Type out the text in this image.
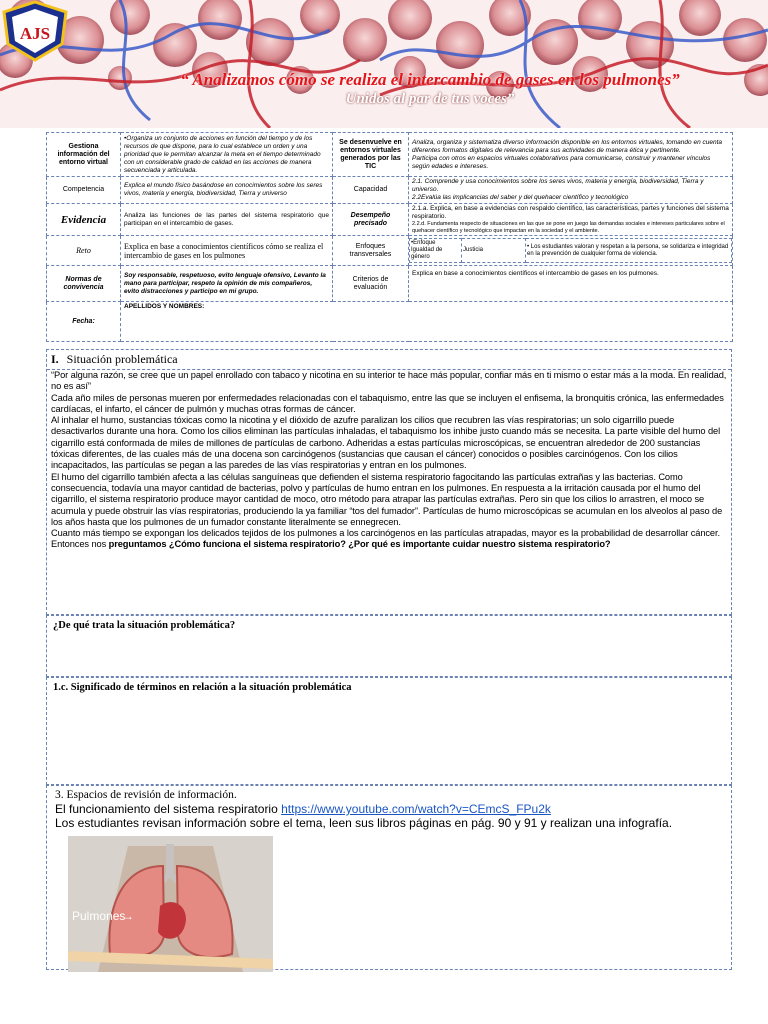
AJS
“ Analizamos cómo se realiza el intercambio de gases en los pulmones”
Unidos al par de tus voces”
Gestiona información del entorno virtual	•Organiza un conjunto de acciones en función del tiempo y de los recursos de que dispone, para lo cual establece un orden y una prioridad que le permitan alcanzar la meta en el tiempo determinado con un considerable grado de calidad en las acciones de manera secuenciada y articulada.	Se desenvuelve en entornos virtuales generados por las TIC	
Analiza, organiza y sistematiza diverso información disponible en los entornos virtuales, tomando en cuenta diferentes formatos digitales de relevancia para sus actividades de manera ética y pertinente.
Participa con otros en espacios virtuales colaborativos para comunicarse, construir y mantener vínculos según edades e intereses.

Competencia	Explica el mundo físico basándose en conocimientos sobre los seres vivos, materia y energía, biodiversidad, Tierra y universo	Capacidad	
2.1. Comprende y usa conocimientos sobre los seres vivos, materia y energía, biodiversidad, Tierra y universo.
2.2Evalúa las implicancias del saber y del quehacer científico y tecnológico

Evidencia	Analiza las funciones de las partes del sistema respiratorio que participan en el intercambio de gases.	Desempeño precisado	
2.1.a. Explica, en base a evidencias con respaldo científico, las características, partes y funciones del sistema respiratorio.
2.2.d. Fundamenta respecto de situaciones en las que se pone en juego las demandas sociales e intereses particulares sobre el quehacer científico y tecnológico que impactan en la sociedad y el ambiente.

Reto	Explica en base a conocimientos científicos cómo se realiza el intercambio de gases en los pulmones	Enfoques transversales	
•Enfoque Igualdad de género	Justicia	• Los estudiantes valoran y respetan a la persona, se solidariza e integridad en la prevención de cualquier forma de violencia.

Normas de convivencia	Soy responsable, respetuoso, evito lenguaje ofensivo, Levanto la mano para participar, respeto la opinión de mis compañeros, evito distracciones y participo en mi grupo.	Criterios de evaluación	Explica en base a conocimientos científicos el intercambio de gases en los pulmones.
Fecha:	APELLIDOS Y NOMBRES:
I. Situación problemática
“Por alguna razón, se cree que un papel enrollado con tabaco y nicotina en su interior te hace más popular, confiar más en ti mismo o estar más a la moda. En realidad, no es así”
Cada año miles de personas mueren por enfermedades relacionadas con el tabaquismo, entre las que se incluyen el enfisema, la bronquitis crónica, las enfermedades cardíacas, el infarto, el cáncer de pulmón y muchas otras formas de cáncer.
Al inhalar el humo, sustancias tóxicas como la nicotina y el dióxido de azufre paralizan los cilios que recubren las vías respiratorias; un solo cigarrillo puede desactivarlos durante una hora. Como los cilios eliminan las partículas inhaladas, el tabaquismo los inhibe justo cuando más se necesita. La parte visible del humo del cigarrillo está conformada de miles de millones de partículas de carbono. Adheridas a estas partículas microscópicas, se encuentran alrededor de 200 sustancias tóxicas diferentes, de las cuales más de una docena son carcinógenos (sustancias que causan el cáncer) conocidos o posibles carcinógenos. Con los cilios incapacitados, las partículas se pegan a las paredes de las vías respiratorias y entran en los pulmones.
El humo del cigarrillo también afecta a las células sanguíneas que defienden el sistema respiratorio fagocitando las partículas extrañas y las bacterias. Como consecuencia, todavía una mayor cantidad de bacterias, polvo y partículas de humo entran en los pulmones. En respuesta a la irritación causada por el humo del cigarrillo, el sistema respiratorio produce mayor cantidad de moco, otro método para atrapar las partículas extrañas. Pero sin que los cilios lo arrastren, el moco se acumula y puede obstruir las vías respiratorias, produciendo la ya familiar “tos del fumador”. Partículas de humo microscópicas se acumulan en los alveolos al paso de los años hasta que los pulmones de un fumador constante literalmente se ennegrecen.
Cuanto más tiempo se expongan los delicados tejidos de los pulmones a los carcinógenos en las partículas atrapadas, mayor es la probabilidad de desarrollar cáncer. Entonces nos preguntamos ¿Cómo funciona el sistema respiratorio? ¿Por qué es importante cuidar nuestro sistema respiratorio?
¿De qué trata la situación problemática?
1.c. Significado de términos en relación a la situación problemática
3. Espacios de revisión de información.
El funcionamiento del sistema respiratorio https://www.youtube.com/watch?v=CEmcS_FPu2k
Los estudiantes revisan información sobre el tema, leen sus libros páginas en pág. 90 y 91 y realizan una infografía.
Pulmones
→
